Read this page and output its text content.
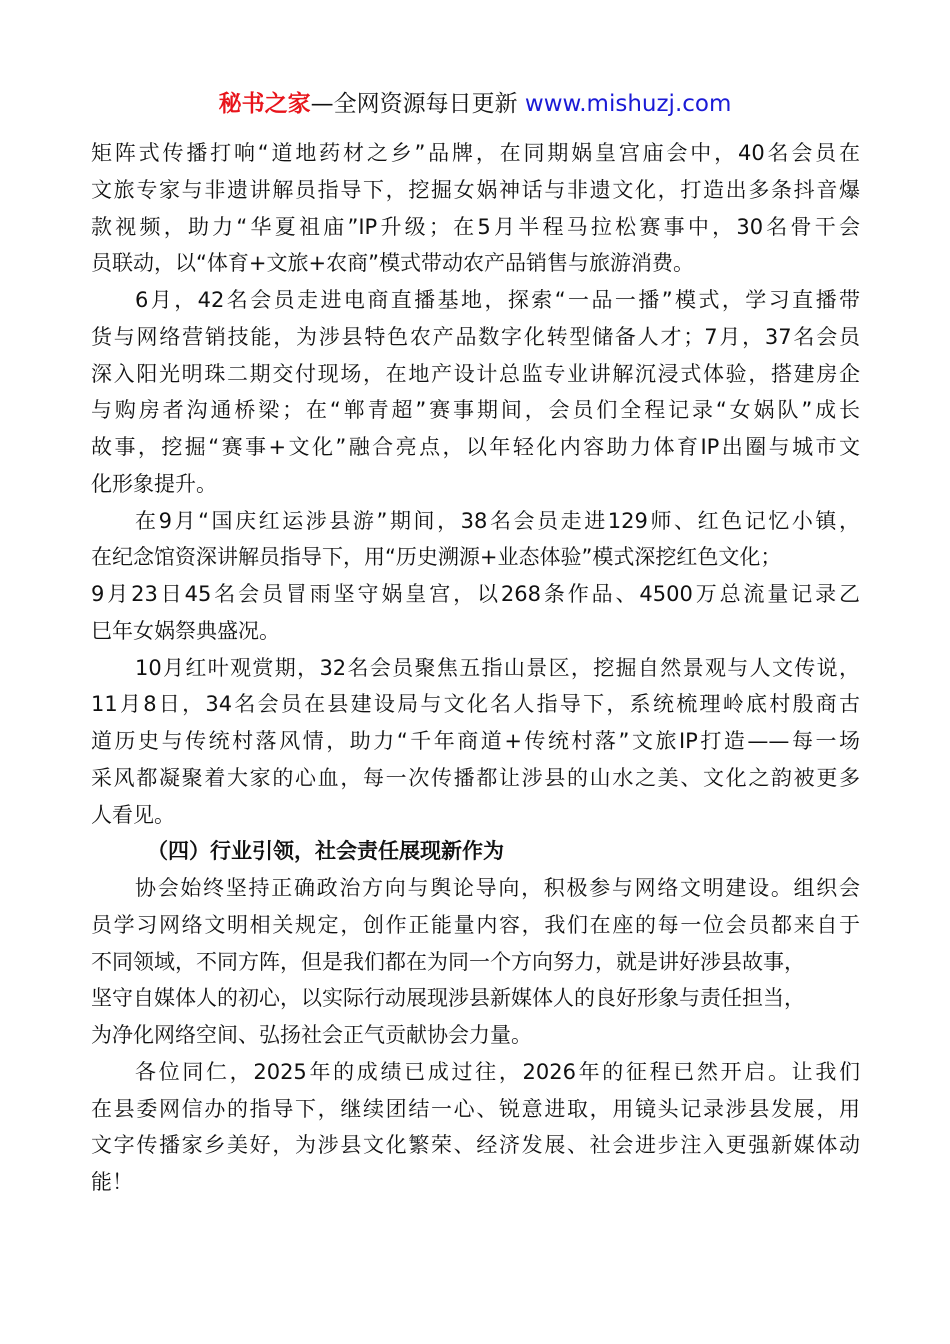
秘书之家—全网资源每日更新 www.mishuzj.com
矩阵式传播打响“道地药材之乡”品牌，在同期娲皇宫庙会中，40名会员在
文旅专家与非遗讲解员指导下，挖掘女娲神话与非遗文化，打造出多条抖音爆
款视频，助力“华夏祖庙”IP升级；在5月半程马拉松赛事中，30名骨干会
员联动，以“体育+文旅+农商”模式带动农产品销售与旅游消费。
6月，42名会员走进电商直播基地，探索“一品一播”模式，学习直播带
货与网络营销技能，为涉县特色农产品数字化转型储备人才；7月，37名会员
深入阳光明珠二期交付现场，在地产设计总监专业讲解沉浸式体验，搭建房企
与购房者沟通桥梁；在“郸青超”赛事期间，会员们全程记录“女娲队”成长
故事，挖掘“赛事+文化”融合亮点，以年轻化内容助力体育IP出圈与城市文
化形象提升。
在9月“国庆红运涉县游”期间，38名会员走进129师、红色记忆小镇，
在纪念馆资深讲解员指导下，用“历史溯源+业态体验”模式深挖红色文化；
9月23日45名会员冒雨坚守娲皇宫，以268条作品、4500万总流量记录乙
巳年女娲祭典盛况。
10月红叶观赏期，32名会员聚焦五指山景区，挖掘自然景观与人文传说，
11月8日，34名会员在县建设局与文化名人指导下，系统梳理岭底村殷商古
道历史与传统村落风情，助力“千年商道+传统村落”文旅IP打造——每一场
采风都凝聚着大家的心血，每一次传播都让涉县的山水之美、文化之韵被更多
人看见。
（四）行业引领，社会责任展现新作为
协会始终坚持正确政治方向与舆论导向，积极参与网络文明建设。组织会
员学习网络文明相关规定，创作正能量内容，我们在座的每一位会员都来自于
不同领域，不同方阵，但是我们都在为同一个方向努力，就是讲好涉县故事，
坚守自媒体人的初心，以实际行动展现涉县新媒体人的良好形象与责任担当，
为净化网络空间、弘扬社会正气贡献协会力量。
各位同仁，2025年的成绩已成过往，2026年的征程已然开启。让我们
在县委网信办的指导下，继续团结一心、锐意进取，用镜头记录涉县发展，用
文字传播家乡美好，为涉县文化繁荣、经济发展、社会进步注入更强新媒体动
能！
